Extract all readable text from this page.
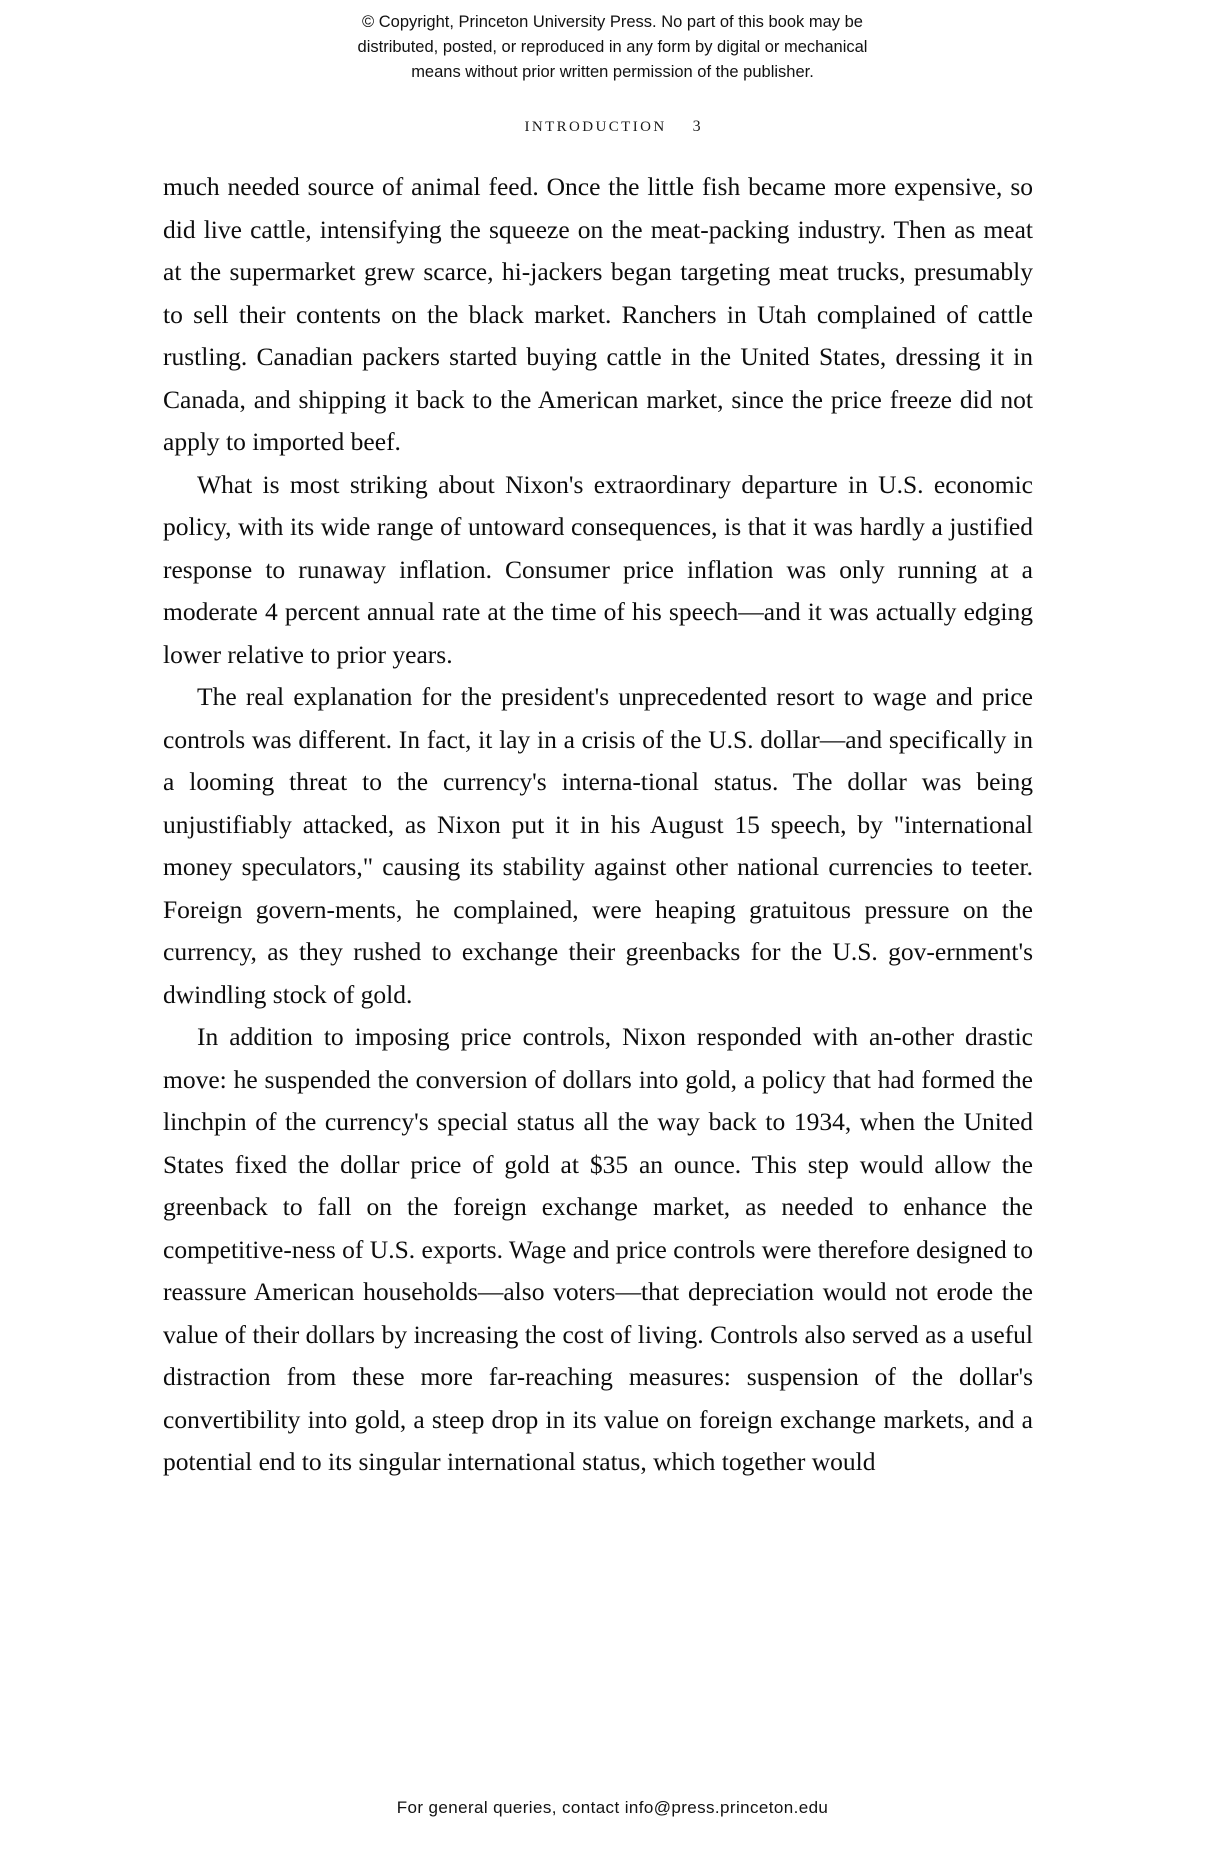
© Copyright, Princeton University Press. No part of this book may be
distributed, posted, or reproduced in any form by digital or mechanical
means without prior written permission of the publisher.
INTRODUCTION 3

much needed source of animal feed. Once the little fish became more expensive, so did live cattle, intensifying the squeeze on the meat-packing industry. Then as meat at the supermarket grew scarce, hi-jackers began targeting meat trucks, presumably to sell their contents on the black market. Ranchers in Utah complained of cattle rustling. Canadian packers started buying cattle in the United States, dressing it in Canada, and shipping it back to the American market, since the price freeze did not apply to imported beef.

What is most striking about Nixon's extraordinary departure in U.S. economic policy, with its wide range of untoward consequences, is that it was hardly a justified response to runaway inflation. Consumer price inflation was only running at a moderate 4 percent annual rate at the time of his speech—and it was actually edging lower relative to prior years.

The real explanation for the president's unprecedented resort to wage and price controls was different. In fact, it lay in a crisis of the U.S. dollar—and specifically in a looming threat to the currency's interna-tional status. The dollar was being unjustifiably attacked, as Nixon put it in his August 15 speech, by "international money speculators," causing its stability against other national currencies to teeter. Foreign govern-ments, he complained, were heaping gratuitous pressure on the currency, as they rushed to exchange their greenbacks for the U.S. gov-ernment's dwindling stock of gold.

In addition to imposing price controls, Nixon responded with an-other drastic move: he suspended the conversion of dollars into gold, a policy that had formed the linchpin of the currency's special status all the way back to 1934, when the United States fixed the dollar price of gold at $35 an ounce. This step would allow the greenback to fall on the foreign exchange market, as needed to enhance the competitive-ness of U.S. exports. Wage and price controls were therefore designed to reassure American households—also voters—that depreciation would not erode the value of their dollars by increasing the cost of living. Controls also served as a useful distraction from these more far-reaching measures: suspension of the dollar's convertibility into gold, a steep drop in its value on foreign exchange markets, and a potential end to its singular international status, which together would

For general queries, contact info@press.princeton.edu
